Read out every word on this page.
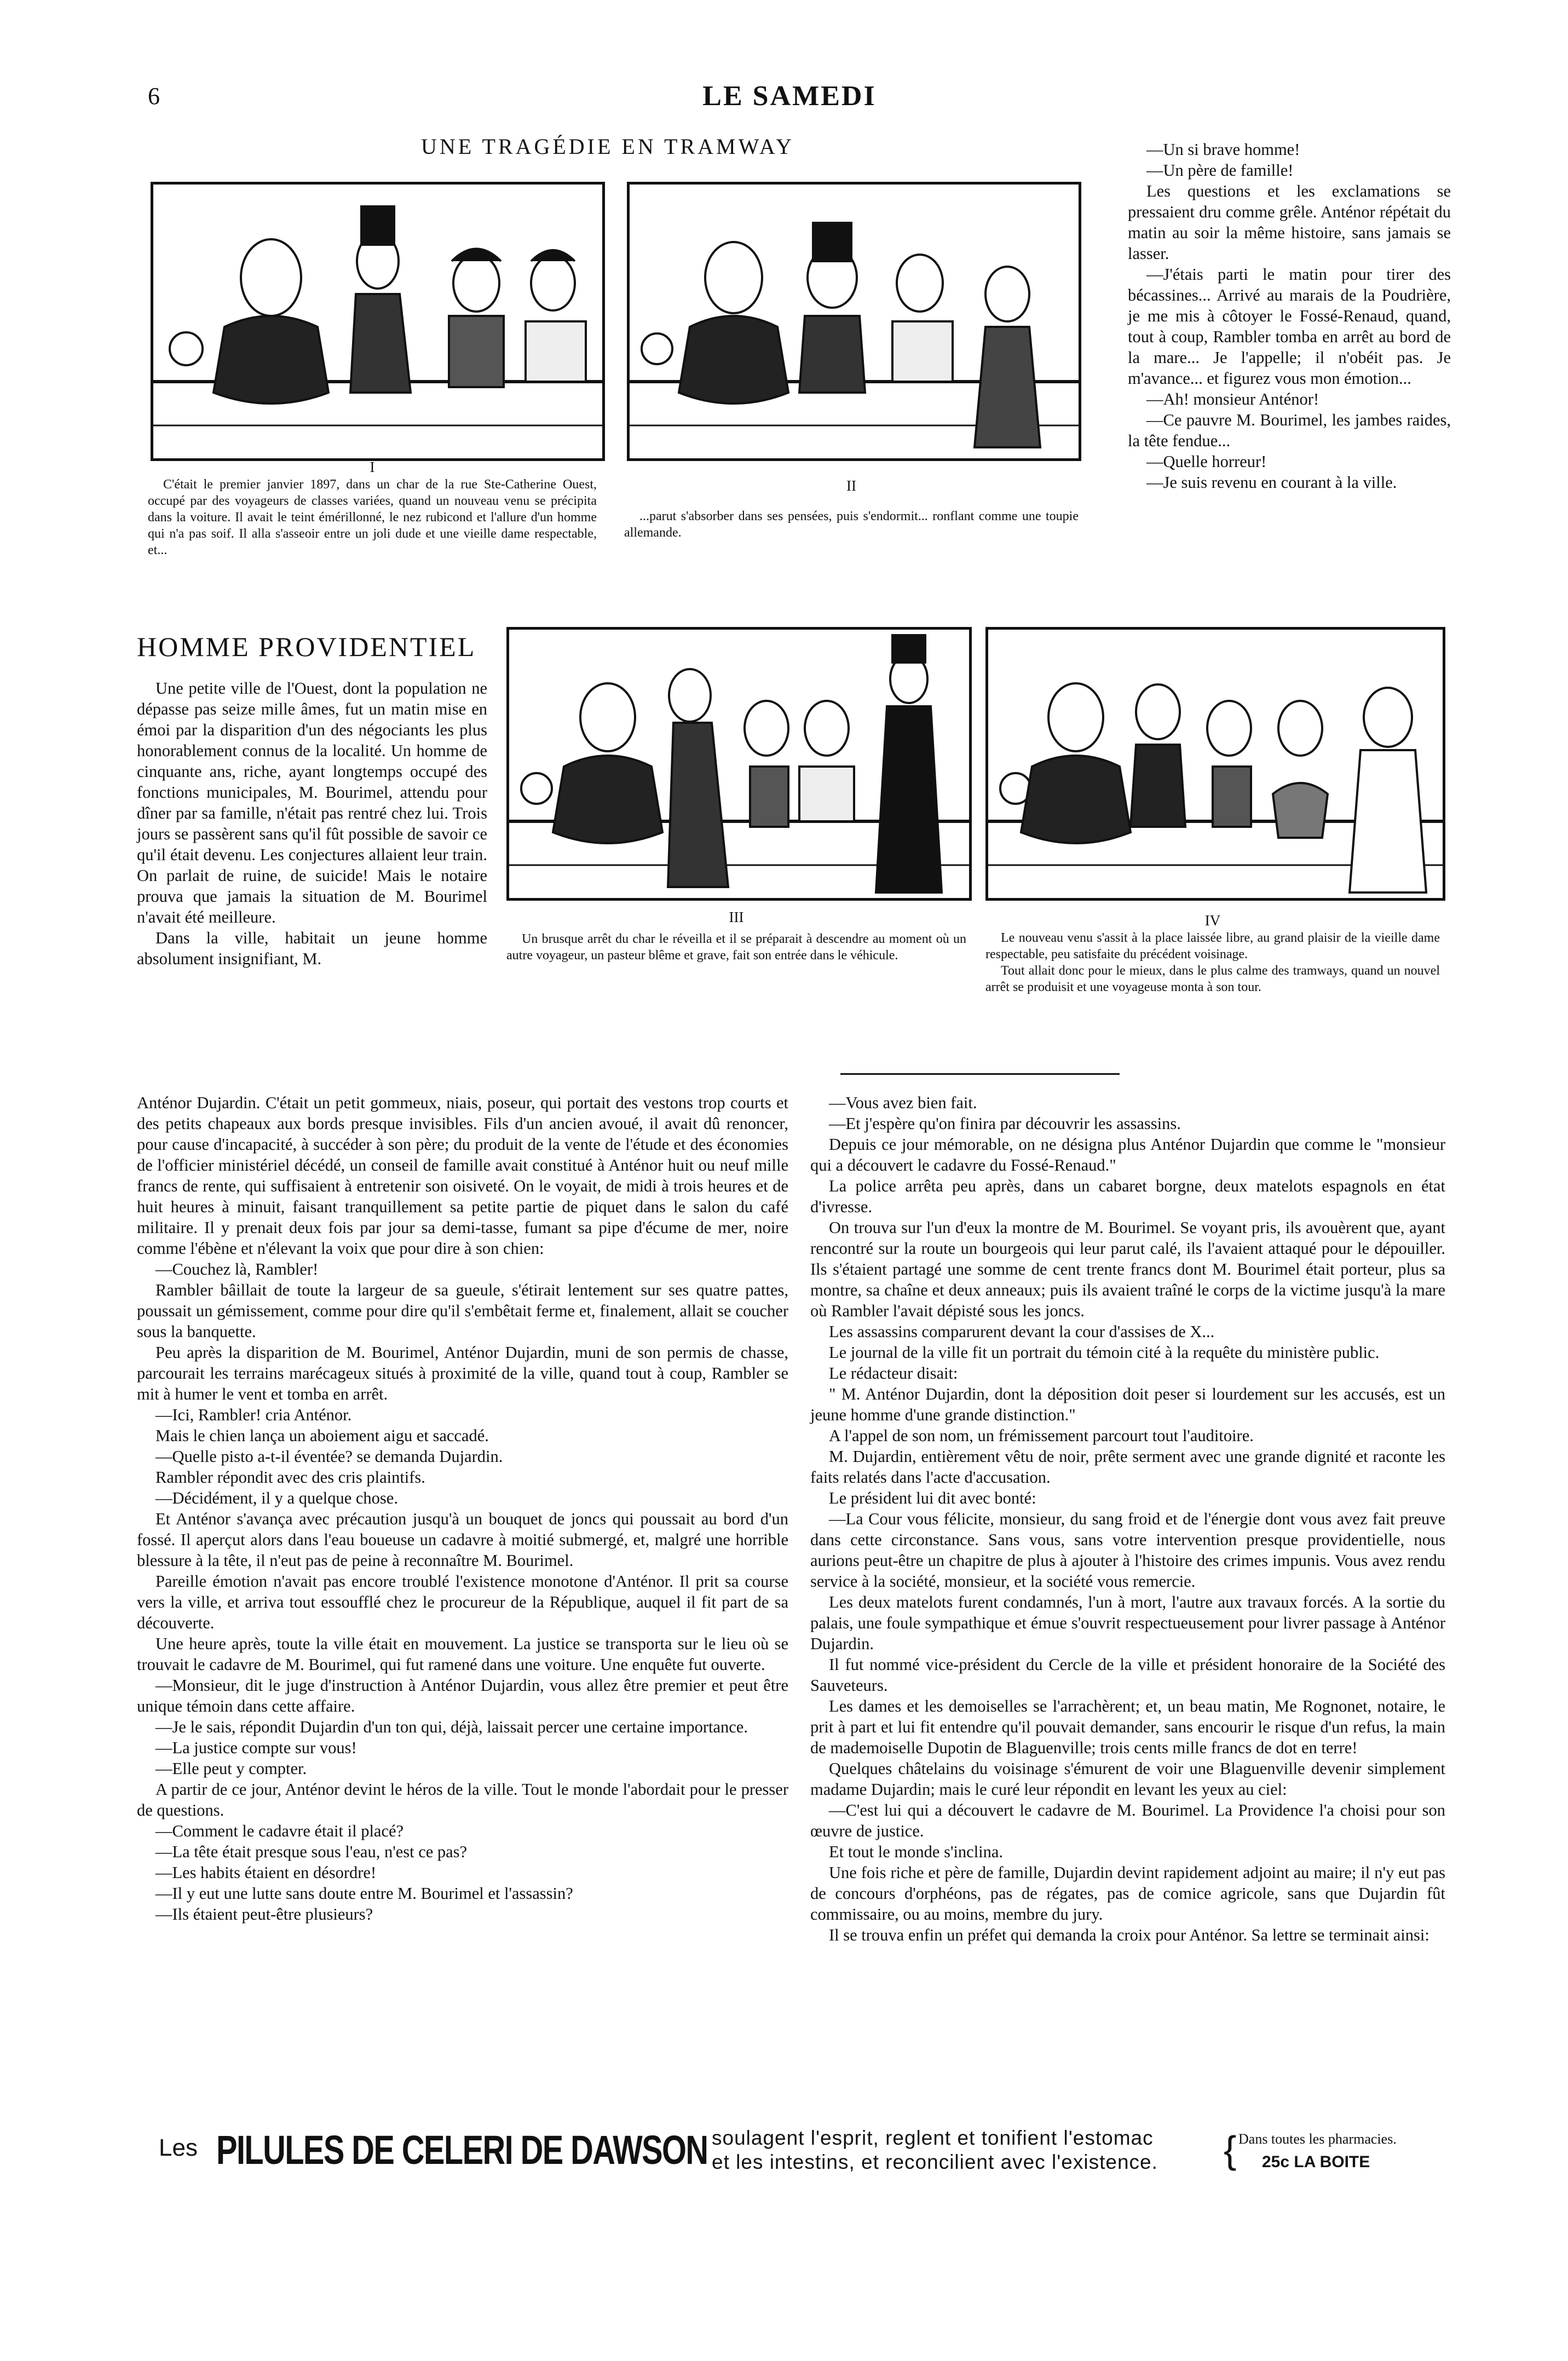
6	LE SAMEDI
UNE TRAGÉDIE EN TRAMWAY
I

C'était le premier janvier 1897, dans un char de la rue Ste-Catherine Ouest, occupé par des voyageurs de classes variées, quand un nouveau venu se précipita dans la voiture. Il avait le teint émérillonné, le nez rubicond et l'allure d'un homme qui n'a pas soif. Il alla s'asseoir entre un joli dude et une vieille dame respectable, et...

II

...parut s'absorber dans ses pensées, puis s'endormit... ronflant comme une toupie allemande.

—Un si brave homme!

—Un père de famille!

Les questions et les exclamations se pressaient dru comme grêle. Anténor répétait du matin au soir la même histoire, sans jamais se lasser.

—J'étais parti le matin pour tirer des bécassines... Arrivé au marais de la Poudrière, je me mis à côtoyer le Fossé-Renaud, quand, tout à coup, Rambler tomba en arrêt au bord de la mare... Je l'appelle; il n'obéit pas. Je m'avance... et figurez vous mon émotion...

—Ah! monsieur Anténor!

—Ce pauvre M. Bourimel, les jambes raides, la tête fendue...

—Quelle horreur!

—Je suis revenu en courant à la ville.

HOMME PROVIDENTIEL

Une petite ville de l'Ouest, dont la population ne dépasse pas seize mille âmes, fut un matin mise en émoi par la disparition d'un des négociants les plus honorablement connus de la localité. Un homme de cinquante ans, riche, ayant longtemps occupé des fonctions municipales, M. Bourimel, attendu pour dîner par sa famille, n'était pas rentré chez lui. Trois jours se passèrent sans qu'il fût possible de savoir ce qu'il était devenu. Les conjectures allaient leur train. On parlait de ruine, de suicide! Mais le notaire prouva que jamais la situation de M. Bourimel n'avait été meilleure.

Dans la ville, habitait un jeune homme absolument insignifiant, M.

III

Un brusque arrêt du char le réveilla et il se préparait à descendre au moment où un autre voyageur, un pasteur blême et grave, fait son entrée dans le véhicule.

IV

Le nouveau venu s'assit à la place laissée libre, au grand plaisir de la vieille dame respectable, peu satisfaite du précédent voisinage.

Tout allait donc pour le mieux, dans le plus calme des tramways, quand un nouvel arrêt se produisit et une voyageuse monta à son tour.

Anténor Dujardin. C'était un petit gommeux, niais, poseur, qui portait des vestons trop courts et des petits chapeaux aux bords presque invisibles. Fils d'un ancien avoué, il avait dû renoncer, pour cause d'incapacité, à succéder à son père; du produit de la vente de l'étude et des économies de l'officier ministériel décédé, un conseil de famille avait constitué à Anténor huit ou neuf mille francs de rente, qui suffisaient à entretenir son oisiveté. On le voyait, de midi à trois heures et de huit heures à minuit, faisant tranquillement sa petite partie de piquet dans le salon du café militaire. Il y prenait deux fois par jour sa demi-tasse, fumant sa pipe d'écume de mer, noire comme l'ébène et n'élevant la voix que pour dire à son chien:

—Couchez là, Rambler!

Rambler bâillait de toute la largeur de sa gueule, s'étirait lentement sur ses quatre pattes, poussait un gémissement, comme pour dire qu'il s'embêtait ferme et, finalement, allait se coucher sous la banquette.

Peu après la disparition de M. Bourimel, Anténor Dujardin, muni de son permis de chasse, parcourait les terrains marécageux situés à proximité de la ville, quand tout à coup, Rambler se mit à humer le vent et tomba en arrêt.

—Ici, Rambler! cria Anténor.

Mais le chien lança un aboiement aigu et saccadé.

—Quelle pisto a-t-il éventée? se demanda Dujardin.

Rambler répondit avec des cris plaintifs.

—Décidément, il y a quelque chose.

Et Anténor s'avança avec précaution jusqu'à un bouquet de joncs qui poussait au bord d'un fossé. Il aperçut alors dans l'eau boueuse un cadavre à moitié submergé, et, malgré une horrible blessure à la tête, il n'eut pas de peine à reconnaître M. Bourimel.

Pareille émotion n'avait pas encore troublé l'existence monotone d'Anténor. Il prit sa course vers la ville, et arriva tout essoufflé chez le procureur de la République, auquel il fit part de sa découverte.

Une heure après, toute la ville était en mouvement. La justice se transporta sur le lieu où se trouvait le cadavre de M. Bourimel, qui fut ramené dans une voiture. Une enquête fut ouverte.

—Monsieur, dit le juge d'instruction à Anténor Dujardin, vous allez être premier et peut être unique témoin dans cette affaire.

—Je le sais, répondit Dujardin d'un ton qui, déjà, laissait percer une certaine importance.

—La justice compte sur vous!

—Elle peut y compter.

A partir de ce jour, Anténor devint le héros de la ville. Tout le monde l'abordait pour le presser de questions.

—Comment le cadavre était il placé?

—La tête était presque sous l'eau, n'est ce pas?

—Les habits étaient en désordre!

—Il y eut une lutte sans doute entre M. Bourimel et l'assassin?

—Ils étaient peut-être plusieurs?

—Vous avez bien fait.

—Et j'espère qu'on finira par découvrir les assassins.

Depuis ce jour mémorable, on ne désigna plus Anténor Dujardin que comme le "monsieur qui a découvert le cadavre du Fossé-Renaud."

La police arrêta peu après, dans un cabaret borgne, deux matelots espagnols en état d'ivresse.

On trouva sur l'un d'eux la montre de M. Bourimel. Se voyant pris, ils avouèrent que, ayant rencontré sur la route un bourgeois qui leur parut calé, ils l'avaient attaqué pour le dépouiller. Ils s'étaient partagé une somme de cent trente francs dont M. Bourimel était porteur, plus sa montre, sa chaîne et deux anneaux; puis ils avaient traîné le corps de la victime jusqu'à la mare où Rambler l'avait dépisté sous les joncs.

Les assassins comparurent devant la cour d'assises de X...

Le journal de la ville fit un portrait du témoin cité à la requête du ministère public.

Le rédacteur disait:

" M. Anténor Dujardin, dont la déposition doit peser si lourdement sur les accusés, est un jeune homme d'une grande distinction."

A l'appel de son nom, un frémissement parcourt tout l'auditoire.

M. Dujardin, entièrement vêtu de noir, prête serment avec une grande dignité et raconte les faits relatés dans l'acte d'accusation.

Le président lui dit avec bonté:

—La Cour vous félicite, monsieur, du sang froid et de l'énergie dont vous avez fait preuve dans cette circonstance. Sans vous, sans votre intervention presque providentielle, nous aurions peut-être un chapitre de plus à ajouter à l'histoire des crimes impunis. Vous avez rendu service à la société, monsieur, et la société vous remercie.

Les deux matelots furent condamnés, l'un à mort, l'autre aux travaux forcés. A la sortie du palais, une foule sympathique et émue s'ouvrit respectueusement pour livrer passage à Anténor Dujardin.

Il fut nommé vice-président du Cercle de la ville et président honoraire de la Société des Sauveteurs.

Les dames et les demoiselles se l'arrachèrent; et, un beau matin, Me Rognonet, notaire, le prit à part et lui fit entendre qu'il pouvait demander, sans encourir le risque d'un refus, la main de mademoiselle Dupotin de Blaguenville; trois cents mille francs de dot en terre!

Quelques châtelains du voisinage s'émurent de voir une Blaguenville devenir simplement madame Dujardin; mais le curé leur répondit en levant les yeux au ciel:

—C'est lui qui a découvert le cadavre de M. Bourimel. La Providence l'a choisi pour son œuvre de justice.

Et tout le monde s'inclina.

Une fois riche et père de famille, Dujardin devint rapidement adjoint au maire; il n'y eut pas de concours d'orphéons, pas de régates, pas de comice agricole, sans que Dujardin fût commissaire, ou au moins, membre du jury.

Il se trouva enfin un préfet qui demanda la croix pour Anténor. Sa lettre se terminait ainsi:

Les PILULES DE CELERI DE DAWSON soulagent l'esprit, reglent et tonifient l'estomac
et les intestins, et reconcilient avec l'existence. { Dans toutes les pharmacies.
25c LA BOITE
